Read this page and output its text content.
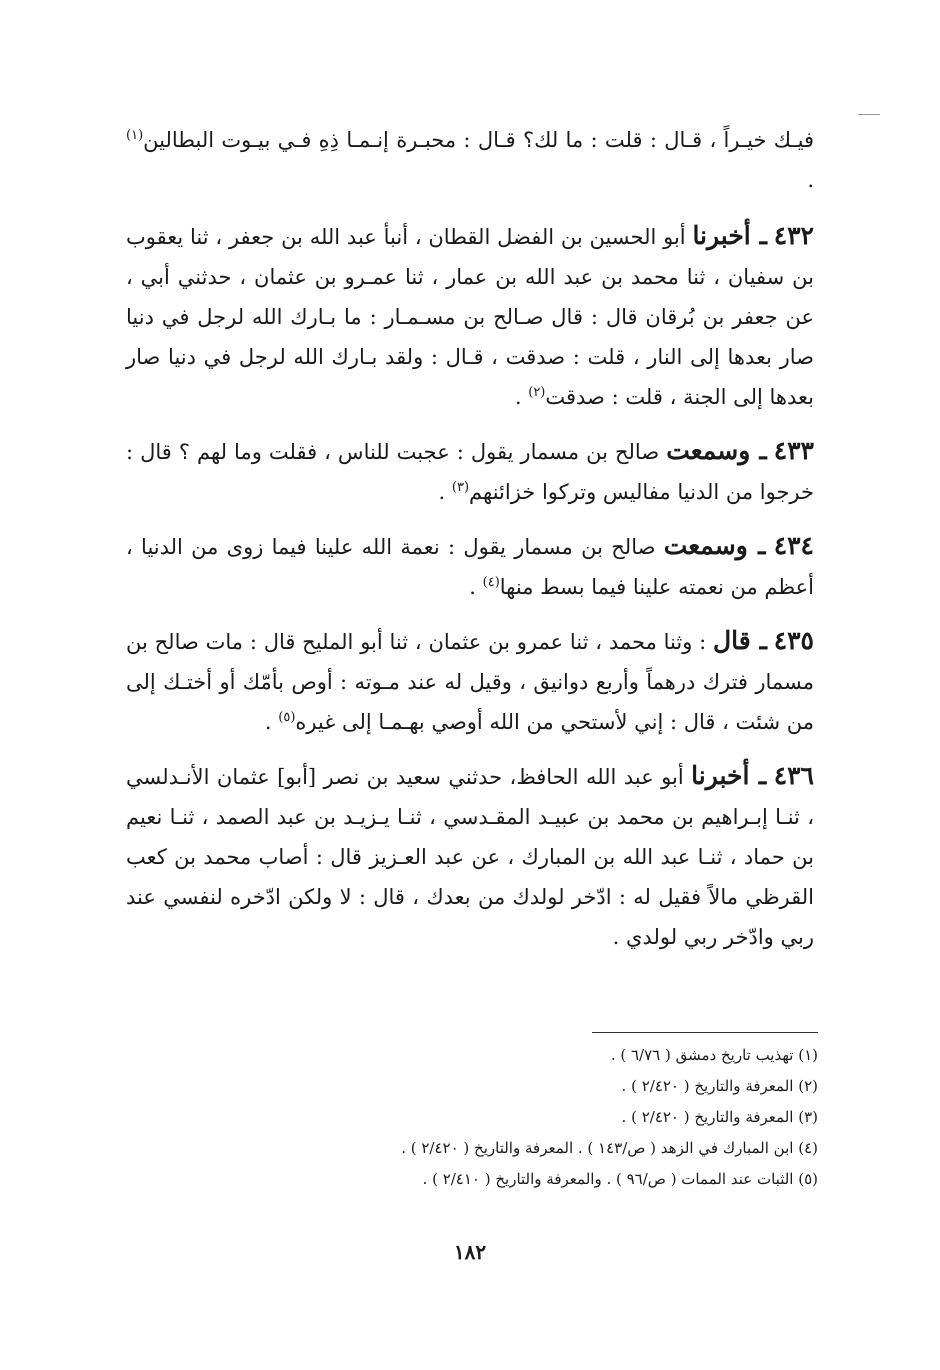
فيـك خيـراً ، قـال : قلت : ما لك؟ قـال : محبـرة إنـمـا ذِهِ فـي بيـوت البطالين$^{(١)}$ .

٤٣٢ ـ أخبرنا أبو الحسين بن الفضل القطان ، أنبأ عبد الله بن جعفر ، ثنا يعقوب بن سفيان ، ثنا محمد بن عبد الله بن عمار ، ثنا عمـرو بن عثمان ، حدثني أبي ، عن جعفر بن بُرقان قال : قال صـالح بن مسـمـار : ما بـارك الله لرجل في دنيا صار بعدها إلى النار ، قلت : صدقت ، قـال : ولقد بـارك الله لرجل في دنيا صار بعدها إلى الجنة ، قلت : صدقت$^{(٢)}$ .

٤٣٣ ـ وسمعت صالح بن مسمار يقول : عجبت للناس ، فقلت وما لهم ؟ قال : خرجوا من الدنيا مفاليس وتركوا خزائنهم$^{(٣)}$ .

٤٣٤ ـ وسمعت صالح بن مسمار يقول : نعمة الله علينا فيما زوى من الدنيا ، أعظم من نعمته علينا فيما بسط منها$^{(٤)}$ .

٤٣٥ ـ قال : وثنا محمد ، ثنا عمرو بن عثمان ، ثنا أبو المليح قال : مات صالح بن مسمار فترك درهماً وأربع دوانيق ، وقيل له عند مـوته : أوص بأمّك أو أختـك إلى من شئت ، قال : إني لأستحي من الله أوصي بهـمـا إلى غيره$^{(٥)}$ .

٤٣٦ ـ أخبرنا أبو عبد الله الحافظ، حدثني سعيد بن نصر [أبو] عثمان الأنـدلسي ، ثنـا إبـراهيم بن محمد بن عبيـد المقـدسي ، ثنـا يـزيـد بن عبد الصمد ، ثنـا نعيم بن حماد ، ثنـا عبد الله بن المبارك ، عن عبد العـزيز قال : أصاب محمد بن كعب القرظي مالاً فقيل له : ادّخر لولدك من بعدك ، قال : لا ولكن ادّخره لنفسي عند ربي وادّخر ربي لولدي .

(١) تهذيب تاريخ دمشق ( ٦/٧٦ ) .

(٢) المعرفة والتاريخ ( ٢/٤٢٠ ) .

(٣) المعرفة والتاريخ ( ٢/٤٢٠ ) .

(٤) ابن المبارك في الزهد ( ص/١٤٣ ) . المعرفة والتاريخ ( ٢/٤٢٠ ) .

(٥) الثبات عند الممات ( ص/٩٦ ) . والمعرفة والتاريخ ( ٢/٤١٠ ) .

١٨٢
